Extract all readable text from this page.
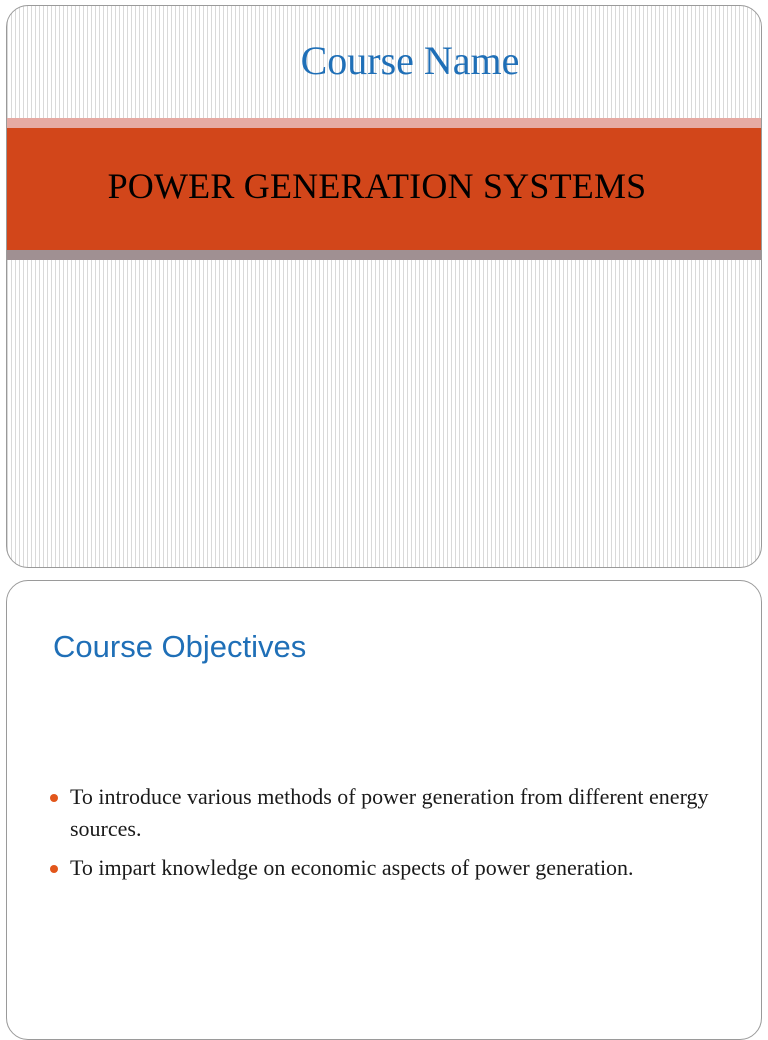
Course Name
POWER GENERATION SYSTEMS
Course Objectives
To introduce various methods of power generation from different energy sources.
To impart knowledge on economic aspects of power generation.
